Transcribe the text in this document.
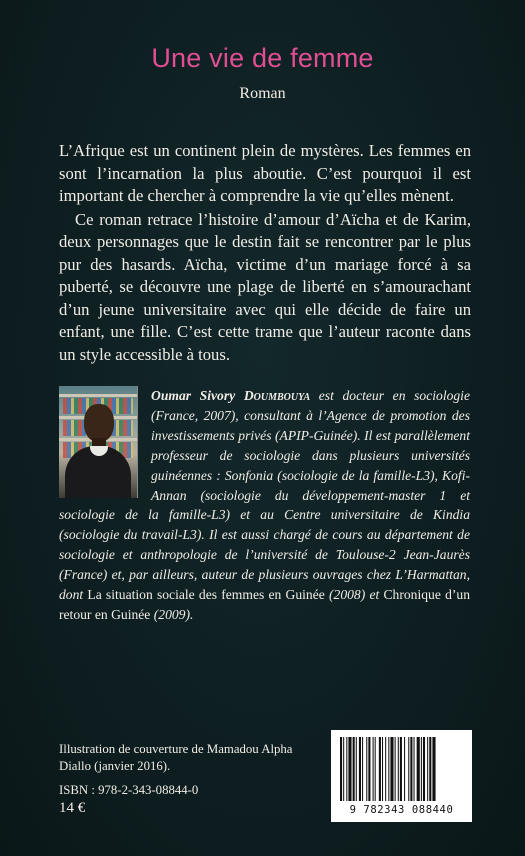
Une vie de femme
Roman

L’Afrique est un continent plein de mystères. Les femmes en sont l’incarnation la plus aboutie. C’est pourquoi il est important de chercher à comprendre la vie qu’elles mènent.

Ce roman retrace l’histoire d’amour d’Aïcha et de Karim, deux personnages que le destin fait se rencontrer par le plus pur des hasards. Aïcha, victime d’un mariage forcé à sa puberté, se découvre une plage de liberté en s’amourachant d’un jeune universitaire avec qui elle décide de faire un enfant, une fille. C’est cette trame que l’auteur raconte dans un style accessible à tous.

Oumar Sivory Doumbouya est docteur en sociologie (France, 2007), consultant à l’Agence de promotion des investissements privés (APIP-Guinée). Il est parallèlement professeur de sociologie dans plusieurs universités guinéennes : Sonfonia (sociologie de la famille-L3), Kofi-Annan (sociologie du développement-master 1 et sociologie de la famille-L3) et au Centre universitaire de Kindia (sociologie du travail-L3). Il est aussi chargé de cours au département de sociologie et anthropologie de l’université de Toulouse-2 Jean-Jaurès (France) et, par ailleurs, auteur de plusieurs ouvrages chez L’Harmattan, dont La situation sociale des femmes en Guinée (2008) et Chronique d’un retour en Guinée (2009).
Illustration de couverture de Mamadou Alpha Diallo (janvier 2016).
ISBN : 978-2-343-08844-0
14 €	9 782343 088440
